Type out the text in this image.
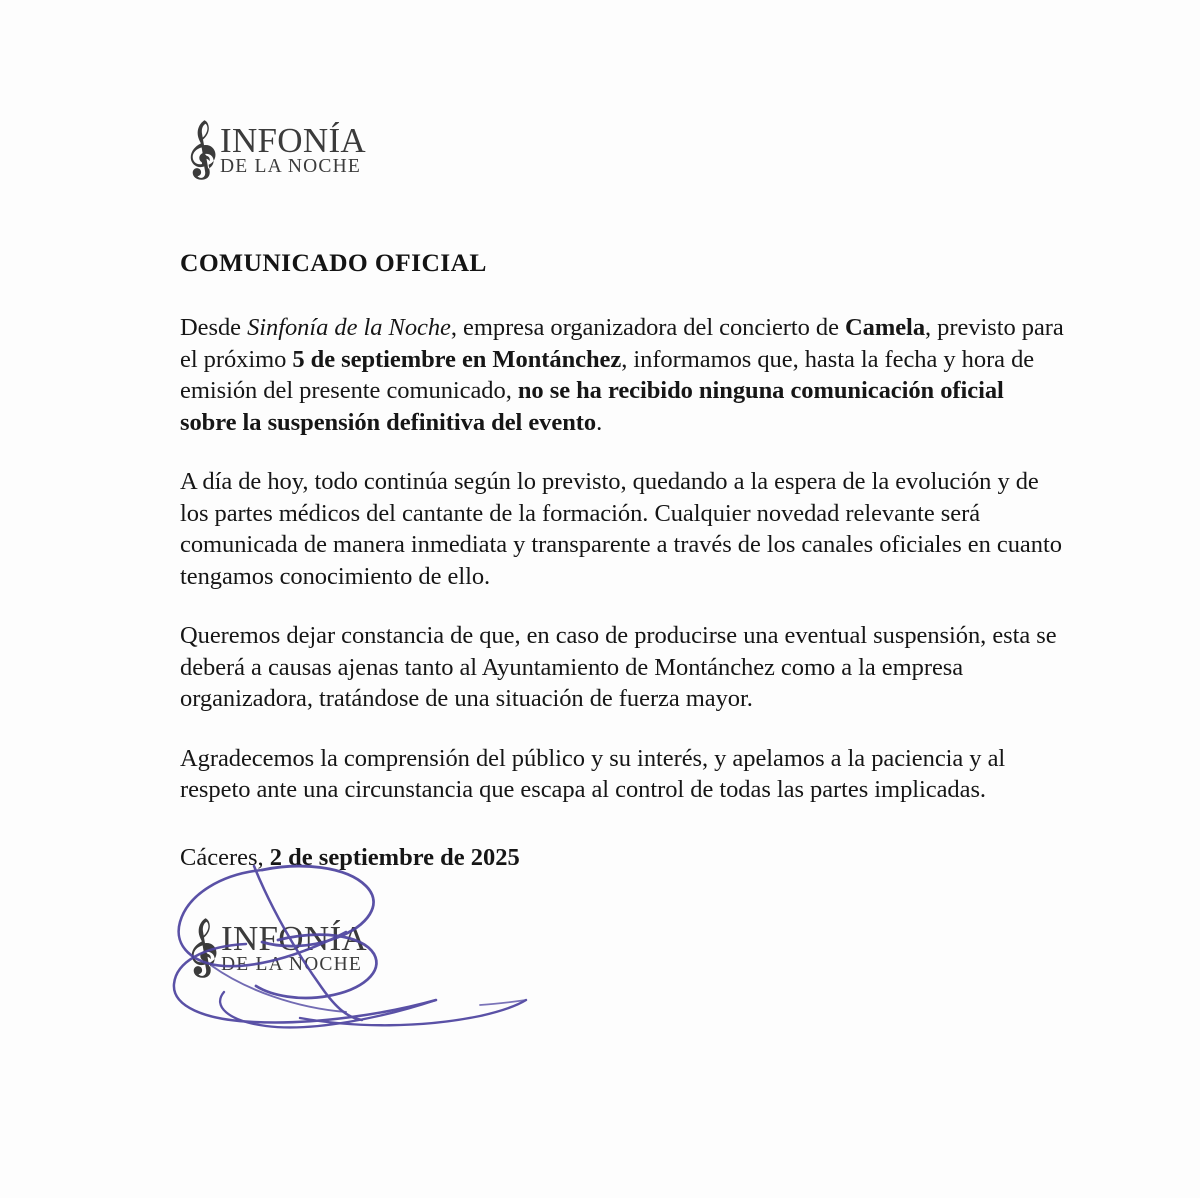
INFONÍA
DE LA NOCHE
COMUNICADO OFICIAL

Desde Sinfonía de la Noche, empresa organizadora del concierto de Camela, previsto para el próximo 5 de septiembre en Montánchez, informamos que, hasta la fecha y hora de emisión del presente comunicado, no se ha recibido ninguna comunicación oficial sobre la suspensión definitiva del evento.

A día de hoy, todo continúa según lo previsto, quedando a la espera de la evolución y de los partes médicos del cantante de la formación. Cualquier novedad relevante será comunicada de manera inmediata y transparente a través de los canales oficiales en cuanto tengamos conocimiento de ello.

Queremos dejar constancia de que, en caso de producirse una eventual suspensión, esta se deberá a causas ajenas tanto al Ayuntamiento de Montánchez como a la empresa organizadora, tratándose de una situación de fuerza mayor.

Agradecemos la comprensión del público y su interés, y apelamos a la paciencia y al respeto ante una circunstancia que escapa al control de todas las partes implicadas.

Cáceres, 2 de septiembre de 2025

INFONÍA
DE LA NOCHE
